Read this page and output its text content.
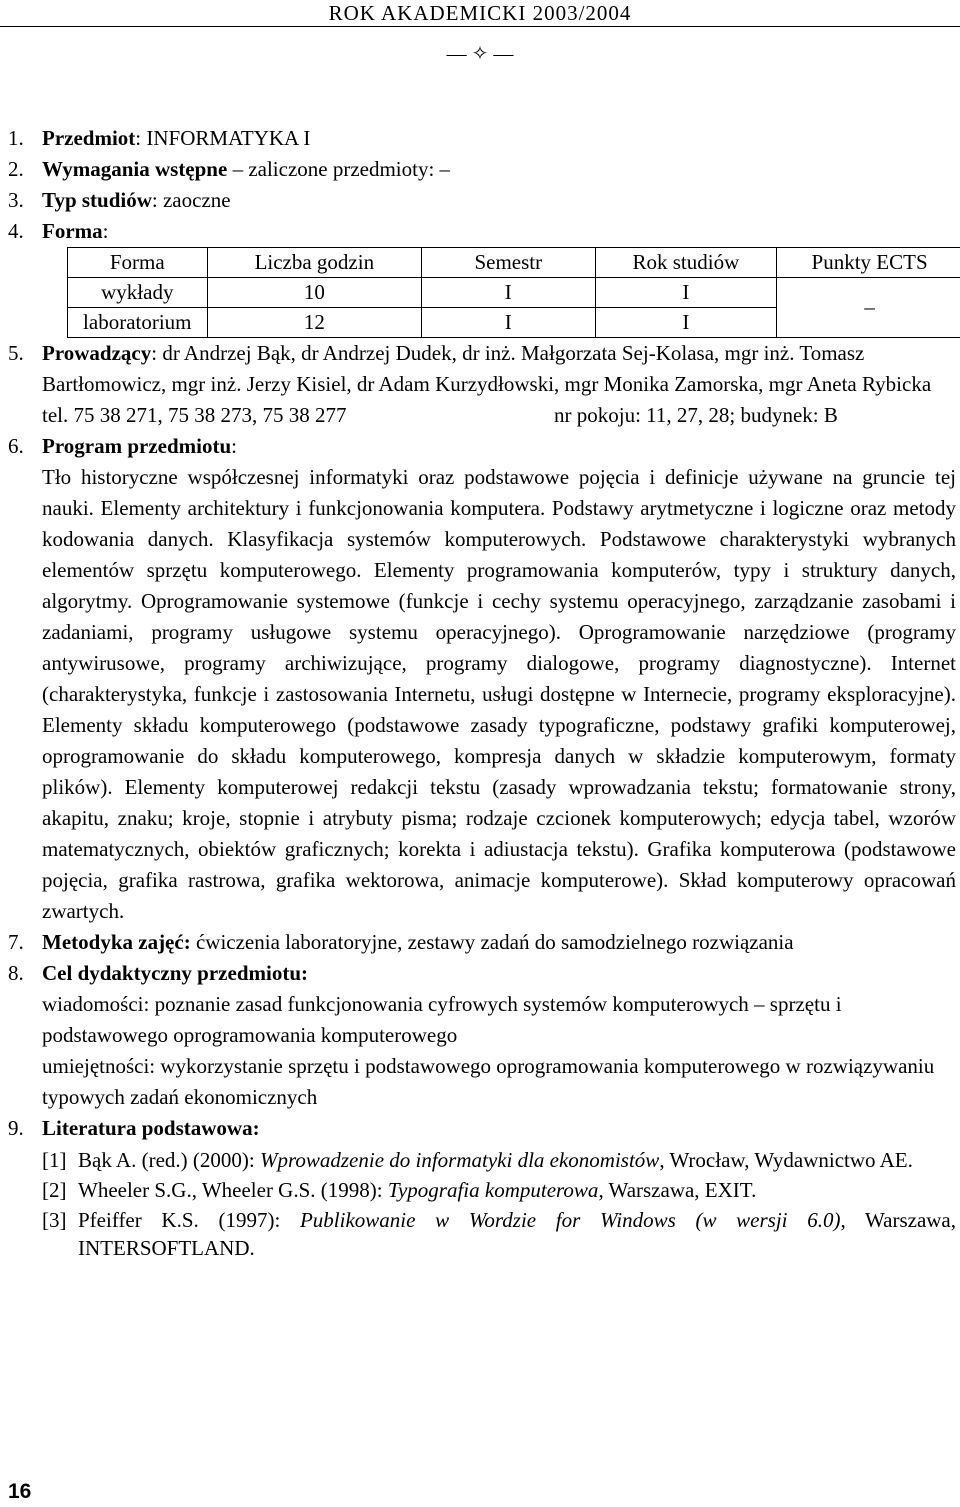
ROK AKADEMICKI 2003/2004
— ✧ —
1. Przedmiot: INFORMATYKA I
2. Wymagania wstępne – zaliczone przedmioty: –
3. Typ studiów: zaoczne
4. Forma:
Forma	Liczba godzin	Semestr	Rok studiów	Punkty ECTS
wykłady	10	I	I	–
laboratorium	12	I	I	
5. Prowadzący: dr Andrzej Bąk, dr Andrzej Dudek, dr inż. Małgorzata Sej-Kolasa, mgr inż. Tomasz Bartłomowicz, mgr inż. Jerzy Kisiel, dr Adam Kurzydłowski, mgr Monika Zamorska, mgr Aneta Rybicka
tel. 75 38 271, 75 38 273, 75 38 277	nr pokoju: 11, 27, 28; budynek: B
6. Program przedmiotu:
Tło historyczne współczesnej informatyki oraz podstawowe pojęcia i definicje używane na gruncie tej nauki. Elementy architektury i funkcjonowania komputera. Podstawy arytmetyczne i logiczne oraz metody kodowania danych. Klasyfikacja systemów komputerowych. Podstawowe charakterystyki wybranych elementów sprzętu komputerowego. Elementy programowania komputerów, typy i struktury danych, algorytmy. Oprogramowanie systemowe (funkcje i cechy systemu operacyjnego, zarządzanie zasobami i zadaniami, programy usługowe systemu operacyjnego). Oprogramowanie narzędziowe (programy antywirusowe, programy archiwizujące, programy dialogowe, programy diagnostyczne). Internet (charakterystyka, funkcje i zastosowania Internetu, usługi dostępne w Internecie, programy eksploracyjne). Elementy składu komputerowego (podstawowe zasady typograficzne, podstawy grafiki komputerowej, oprogramowanie do składu komputerowego, kompresja danych w składzie komputerowym, formaty plików). Elementy komputerowej redakcji tekstu (zasady wprowadzania tekstu; formatowanie strony, akapitu, znaku; kroje, stopnie i atrybuty pisma; rodzaje czcionek komputerowych; edycja tabel, wzorów matematycznych, obiektów graficznych; korekta i adiustacja tekstu). Grafika komputerowa (podstawowe pojęcia, grafika rastrowa, grafika wektorowa, animacje komputerowe). Skład komputerowy opracowań zwartych.
7. Metodyka zajęć: ćwiczenia laboratoryjne, zestawy zadań do samodzielnego rozwiązania
8. Cel dydaktyczny przedmiotu:
wiadomości: poznanie zasad funkcjonowania cyfrowych systemów komputerowych – sprzętu i podstawowego oprogramowania komputerowego
umiejętności: wykorzystanie sprzętu i podstawowego oprogramowania komputerowego w rozwiązywaniu typowych zadań ekonomicznych
9. Literatura podstawowa:
[1] Bąk A. (red.) (2000): Wprowadzenie do informatyki dla ekonomistów, Wrocław, Wydawnictwo AE.
[2] Wheeler S.G., Wheeler G.S. (1998): Typografia komputerowa, Warszawa, EXIT.
[3] Pfeiffer K.S. (1997): Publikowanie w Wordzie for Windows (w wersji 6.0), Warszawa, INTERSOFTLAND.
16
